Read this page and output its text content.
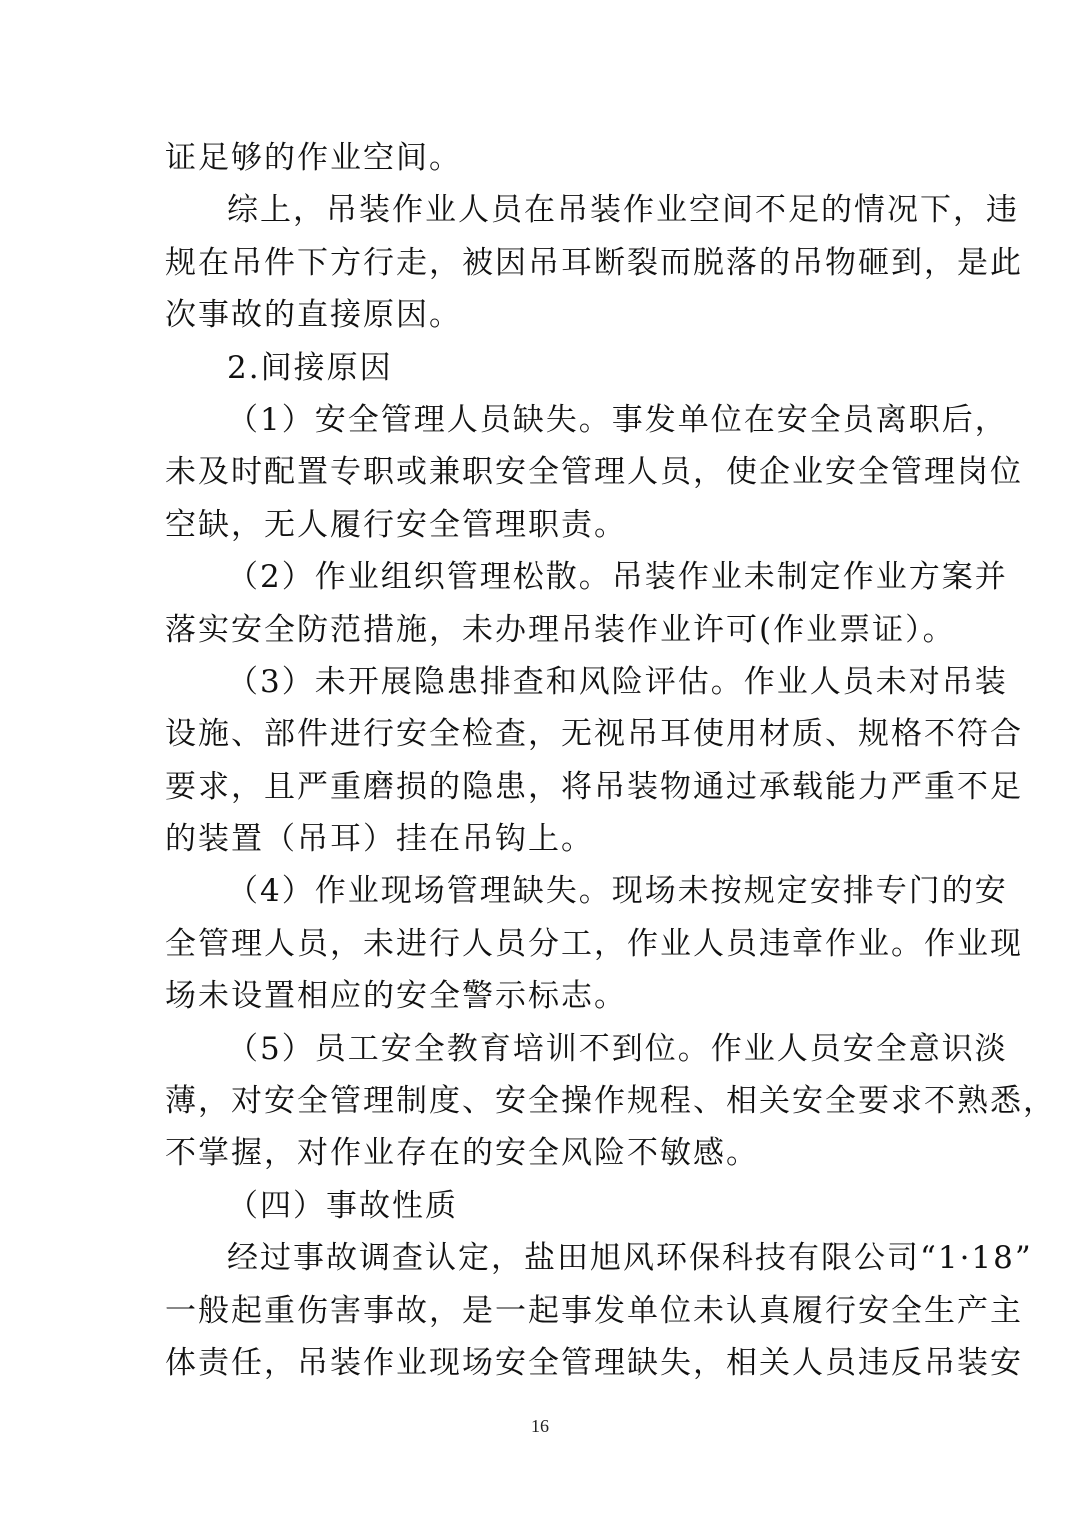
证足够的作业空间。
综上，吊装作业人员在吊装作业空间不足的情况下，违
规在吊件下方行走，被因吊耳断裂而脱落的吊物砸到，是此
次事故的直接原因。
2.间接原因
（1）安全管理人员缺失。事发单位在安全员离职后，
未及时配置专职或兼职安全管理人员，使企业安全管理岗位
空缺，无人履行安全管理职责。
（2）作业组织管理松散。吊装作业未制定作业方案并
落实安全防范措施，未办理吊装作业许可(作业票证）。
（3）未开展隐患排查和风险评估。作业人员未对吊装
设施、部件进行安全检查，无视吊耳使用材质、规格不符合
要求，且严重磨损的隐患，将吊装物通过承载能力严重不足
的装置（吊耳）挂在吊钩上。
（4）作业现场管理缺失。现场未按规定安排专门的安
全管理人员，未进行人员分工，作业人员违章作业。作业现
场未设置相应的安全警示标志。
（5）员工安全教育培训不到位。作业人员安全意识淡
薄，对安全管理制度、安全操作规程、相关安全要求不熟悉，
不掌握，对作业存在的安全风险不敏感。
（四）事故性质
经过事故调查认定，盐田旭风环保科技有限公司“1·18”
一般起重伤害事故，是一起事发单位未认真履行安全生产主
体责任，吊装作业现场安全管理缺失，相关人员违反吊装安
16
